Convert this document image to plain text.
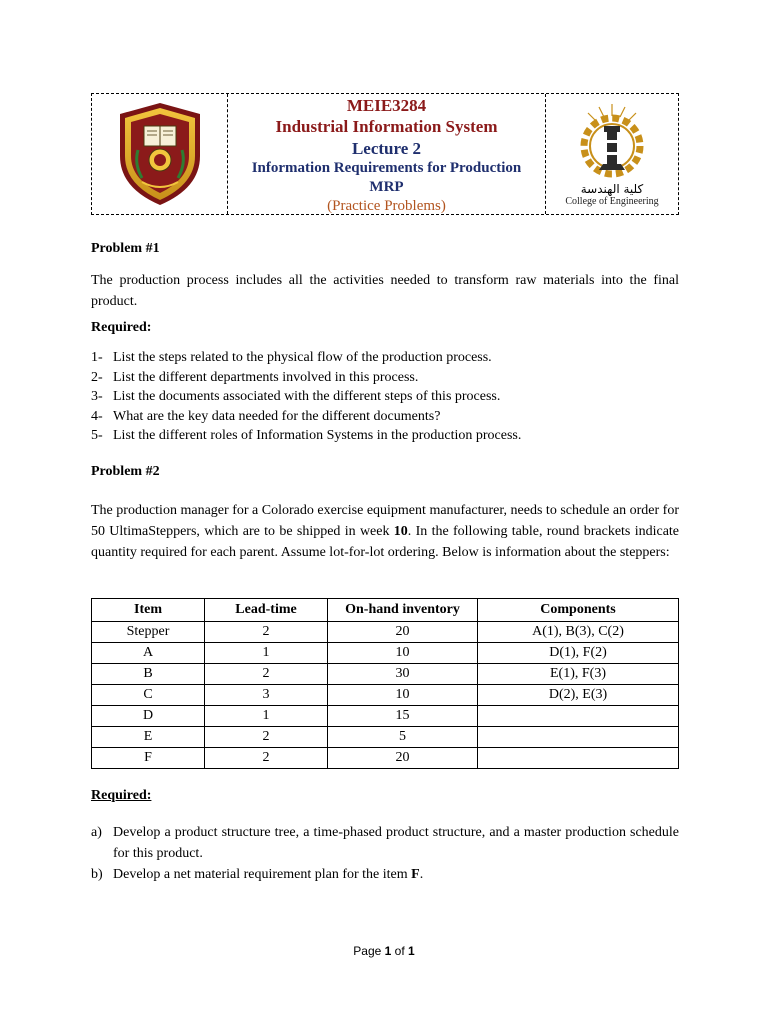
MEIE3284
Industrial Information System
Lecture 2
Information Requirements for Production
MRP
(Practice Problems)
كلية الهندسة
College of Engineering
Problem #1
The production process includes all the activities needed to transform raw materials into the final product.
Required:
1- List the steps related to the physical flow of the production process.
2- List the different departments involved in this process.
3- List the documents associated with the different steps of this process.
4- What are the key data needed for the different documents?
5- List the different roles of Information Systems in the production process.
Problem #2
The production manager for a Colorado exercise equipment manufacturer, needs to schedule an order for 50 UltimaSteppers, which are to be shipped in week 10. In the following table, round brackets indicate quantity required for each parent. Assume lot-for-lot ordering. Below is information about the steppers:
Item	Lead-time	On-hand inventory	Components
Stepper	2	20	A(1), B(3), C(2)
A	1	10	D(1), F(2)
B	2	30	E(1), F(3)
C	3	10	D(2), E(3)
D	1	15	
E	2	5	
F	2	20	
Required:
a) Develop a product structure tree, a time-phased product structure, and a master production schedule for this product.
b) Develop a net material requirement plan for the item F.
Page 1 of 1
